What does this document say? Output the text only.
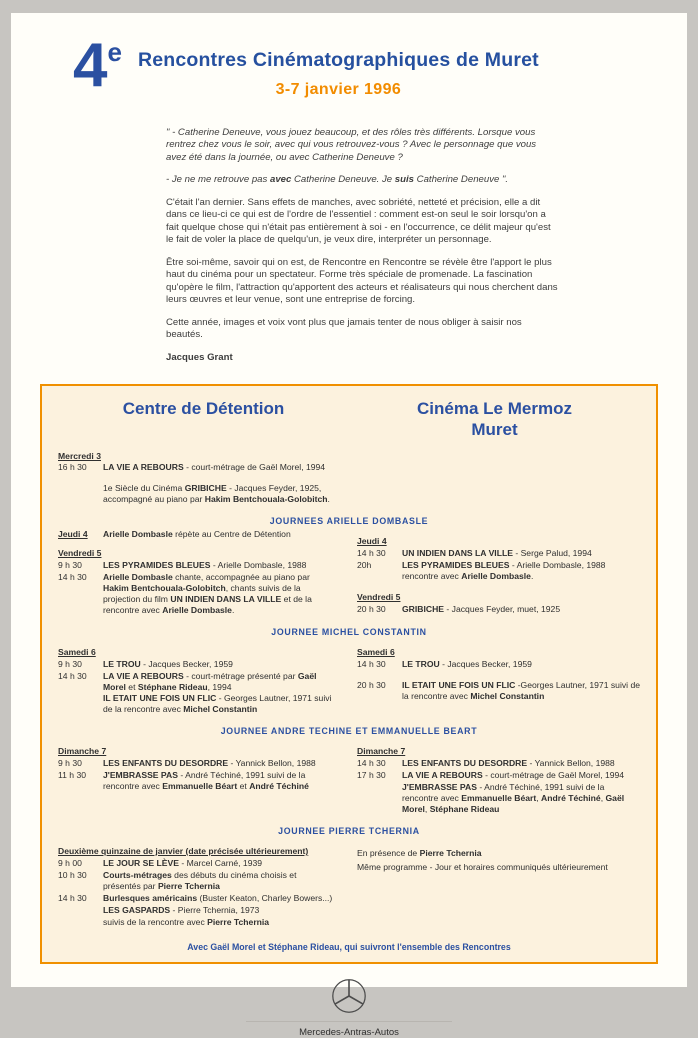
4e Rencontres Cinématographiques de Muret
3-7 janvier 1996

" - Catherine Deneuve, vous jouez beaucoup, et des rôles très différents. Lorsque vous rentrez chez vous le soir, avec qui vous retrouvez-vous ? Avec le personnage que vous avez été dans la journée, ou avec Catherine Deneuve ?

- Je ne me retrouve pas avec Catherine Deneuve. Je suis Catherine Deneuve ".

C'était l'an dernier. Sans effets de manches, avec sobriété, netteté et précision, elle a dit dans ce lieu-ci ce qui est de l'ordre de l'essentiel : comment est-on seul le soir lorsqu'on a fait quelque chose qui n'était pas entièrement à soi - en l'occurrence, ce délit majeur qu'est le fait de voler la place de quelqu'un, je veux dire, interpréter un personnage.

Être soi-même, savoir qui on est, de Rencontre en Rencontre se révèle être l'apport le plus haut du cinéma pour un spectateur. Forme très spéciale de promenade. La fascination qu'opère le film, l'attraction qu'apportent des acteurs et réalisateurs qui nous cherchent dans leurs œuvres et leur venue, sont une entreprise de forcing.

Cette année, images et voix vont plus que jamais tenter de nous obliger à saisir nos beautés.

Jacques Grant
Centre de Détention	Cinéma Le Mermoz
Muret
Mercredi 3
16 h 30	LA VIE A REBOURS - court-métrage de Gaël Morel, 1994
1e Siècle du Cinéma GRIBICHE - Jacques Feyder, 1925, accompagné au piano par Hakim Bentchouala-Golobitch.
JOURNEES ARIELLE DOMBASLE
Jeudi 4	Arielle Dombasle répète au Centre de Détention
Vendredi 5
9 h 30	LES PYRAMIDES BLEUES - Arielle Dombasle, 1988
14 h 30	Arielle Dombasle chante, accompagnée au piano par Hakim Bentchouala-Golobitch, chants suivis de la projection du film UN INDIEN DANS LA VILLE et de la rencontre avec Arielle Dombasle.
Jeudi 4
14 h 30	UN INDIEN DANS LA VILLE - Serge Palud, 1994
20h	LES PYRAMIDES BLEUES - Arielle Dombasle, 1988 rencontre avec Arielle Dombasle.
Vendredi 5
20 h 30	GRIBICHE - Jacques Feyder, muet, 1925
JOURNEE MICHEL CONSTANTIN
Samedi 6
9 h 30	LE TROU - Jacques Becker, 1959
14 h 30	LA VIE A REBOURS - court-métrage présenté par Gaël Morel et Stéphane Rideau, 1994
IL ETAIT UNE FOIS UN FLIC - Georges Lautner, 1971 suivi de la rencontre avec Michel Constantin
Samedi 6
14 h 30	LE TROU - Jacques Becker, 1959
20 h 30	IL ETAIT UNE FOIS UN FLIC -Georges Lautner, 1971 suivi de la rencontre avec Michel Constantin
JOURNEE ANDRE TECHINE ET EMMANUELLE BEART
Dimanche 7
9 h 30	LES ENFANTS DU DESORDRE - Yannick Bellon, 1988
11 h 30	J'EMBRASSE PAS - André Téchiné, 1991 suivi de la rencontre avec Emmanuelle Béart et André Téchiné
Dimanche 7
14 h 30	LES ENFANTS DU DESORDRE - Yannick Bellon, 1988
17 h 30	LA VIE A REBOURS - court-métrage de Gaël Morel, 1994
J'EMBRASSE PAS - André Téchiné, 1991 suivi de la rencontre avec Emmanuelle Béart, André Téchiné, Gaël Morel, Stéphane Rideau
JOURNEE PIERRE TCHERNIA
Deuxième quinzaine de janvier (date précisée ultérieurement)
9 h 00	LE JOUR SE LÈVE - Marcel Carné, 1939
10 h 30	Courts-métrages des débuts du cinéma choisis et présentés par Pierre Tchernia
14 h 30	Burlesques américains (Buster Keaton, Charley Bowers...)
LES GASPARDS - Pierre Tchernia, 1973
suivis de la rencontre avec Pierre Tchernia
En présence de Pierre Tchernia
Même programme - Jour et horaires communiqués ultérieurement
Avec Gaël Morel et Stéphane Rideau, qui suivront l'ensemble des Rencontres
Mercedes-Antras-Autos
